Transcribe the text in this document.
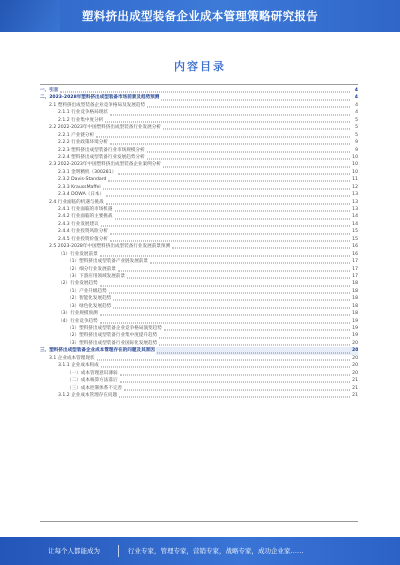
塑料挤出成型装备企业成本管理策略研究报告
内容目录
一、引言	4
二、2023-2028年塑料挤出成型装备市场前景及趋势预测	4
2.1 塑料挤出成型装备企业竞争格局及发展趋势	4
2.1.1 行业竞争格局现状	4
2.1.2 行业集中度分析	5
2.2 2022-2023年中国塑料挤出成型装备行业发展分析	5
2.2.1 产业链分析	5
2.2.2 行业政策环境分析	9
2.2.3 塑料挤出成型装备行业市场规模分析	9
2.2.4 塑料挤出成型装备行业发展趋势分析	10
2.3 2022-2023年中国塑料挤出成型装备企业案例分析	10
2.3.1 金明精机（300281）	10
2.3.2 Davis-Standard	11
2.3.3 KraussMaffei	12
2.3.4 DOWA（日本）	13
2.4 行业面临的机遇与挑战	13
2.4.1 行业面临的市场机遇	13
2.4.2 行业面临的主要挑战	14
2.4.3 行业发展建议	14
2.4.4 行业投资风险分析	15
2.4.5 行业投资价值分析	15
2.5 2023-2028年中国塑料挤出成型装备行业发展前景预测	16
（1）行业发展前景	16
（1）塑料挤出成型装备产业链发展前景	17
（2）细分行业发展前景	17
（3）下游应用领域发展前景	17
（2）行业发展趋势	18
（1）产业升级趋势	18
（2）智能化发展趋势	18
（3）绿色化发展趋势	18
（3）行业规模预测	18
（4）行业竞争趋势	19
（1）塑料挤出成型装备企业竞争格局演变趋势	19
（2）塑料挤出成型装备行业集中度提升趋势	19
（3）塑料挤出成型装备行业国际化发展趋势	20
三、塑料挤出成型装备企业成本管理存在的问题及其原因	20
3.1 企业成本管理现状	20
3.1.1 企业成本构成	20
（一）成本管理意识薄弱	20
（二）成本核算方法落后	21
（三）成本控制体系不完善	21
3.1.2 企业成本管理存在问题	21
让每个人都能成为	行业专家，管理专家，营销专家，战略专家，成功企业家……
